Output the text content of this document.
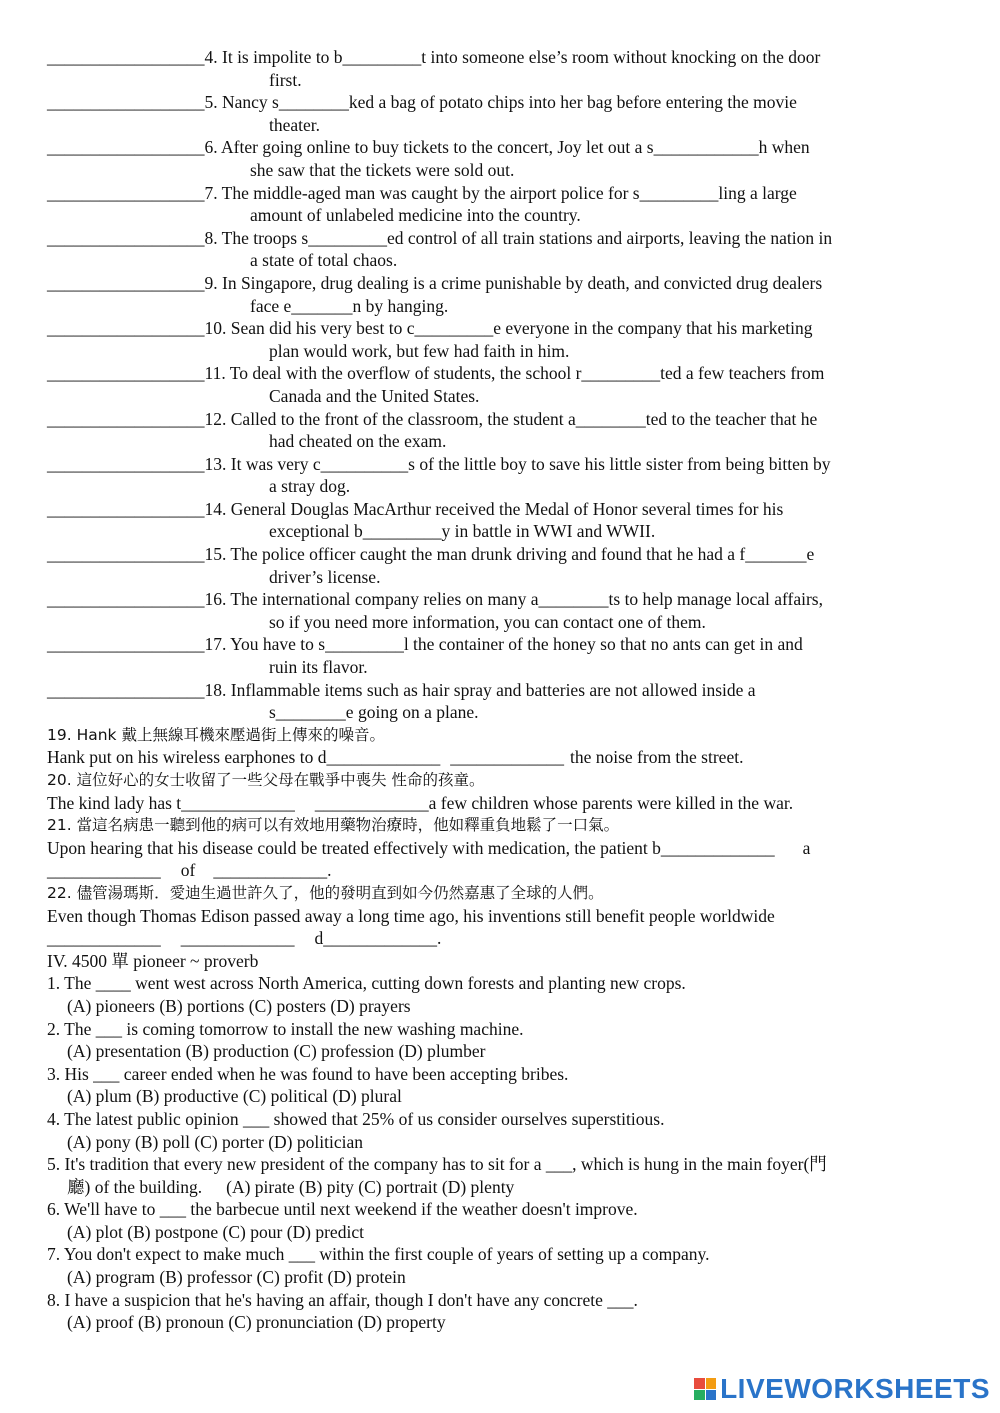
__________________4. It is impolite to b_________t into someone else’s room without knocking on the door
first.
__________________5. Nancy s________ked a bag of potato chips into her bag before entering the movie
theater.
__________________6. After going online to buy tickets to the concert, Joy let out a s____________h when
she saw that the tickets were sold out.
__________________7. The middle-aged man was caught by the airport police for s_________ling a large
amount of unlabeled medicine into the country.
__________________8. The troops s_________ed control of all train stations and airports, leaving the nation in
a state of total chaos.
__________________9. In Singapore, drug dealing is a crime punishable by death, and convicted drug dealers
face e_______n by hanging.
__________________10. Sean did his very best to c_________e everyone in the company that his marketing
plan would work, but few had faith in him.
__________________11. To deal with the overflow of students, the school r_________ted a few teachers from
Canada and the United States.
__________________12. Called to the front of the classroom, the student a________ted to the teacher that he
had cheated on the exam.
__________________13. It was very c__________s of the little boy to save his little sister from being bitten by
a stray dog.
__________________14. General Douglas MacArthur received the Medal of Honor several times for his
exceptional b_________y in battle in WWI and WWII.
__________________15. The police officer caught the man drunk driving and found that he had a f_______e
driver’s license.
__________________16. The international company relies on many a________ts to help manage local affairs,
so if you need more information, you can contact one of them.
__________________17. You have to s_________l the container of the honey so that no ants can get in and
ruin its flavor.
__________________18. Inflammable items such as hair spray and batteries are not allowed inside a
s________e going on a plane.
19. Hank 戴上無線耳機來壓過街上傳來的噪音。
Hank put on his wireless earphones to d_____________ _____________ the noise from the street.
20. 這位好心的女士收留了一些父母在戰爭中喪失 性命的孩童。
The kind lady has t_____________ _____________a few children whose parents were killed in the war.
21. 當這名病患一聽到他的病可以有效地用藥物治療時，他如釋重負地鬆了一口氣。
Upon hearing that his disease could be treated effectively with medication, the patient b_____________ a
_____________ of _____________.
22. 儘管湯瑪斯．愛迪生過世許久了，他的發明直到如今仍然嘉惠了全球的人們。
Even though Thomas Edison passed away a long time ago, his inventions still benefit people worldwide
_____________ _____________ d_____________.
IV. 4500 單 pioneer ~ proverb
1. The ____ went west across North America, cutting down forests and planting new crops.
(A) pioneers (B) portions (C) posters (D) prayers
2. The ___ is coming tomorrow to install the new washing machine.
(A) presentation (B) production (C) profession (D) plumber
3. His ___ career ended when he was found to have been accepting bribes.
(A) plum (B) productive (C) political (D) plural
4. The latest public opinion ___ showed that 25% of us consider ourselves superstitious.
(A) pony (B) poll (C) porter (D) politician
5. It's tradition that every new president of the company has to sit for a ___, which is hung in the main foyer(門
廳) of the building. (A) pirate (B) pity (C) portrait (D) plenty
6. We'll have to ___ the barbecue until next weekend if the weather doesn't improve.
(A) plot (B) postpone (C) pour (D) predict
7. You don't expect to make much ___ within the first couple of years of setting up a company.
(A) program (B) professor (C) profit (D) protein
8. I have a suspicion that he's having an affair, though I don't have any concrete ___.
(A) proof (B) pronoun (C) pronunciation (D) property
LIVEWORKSHEETS
